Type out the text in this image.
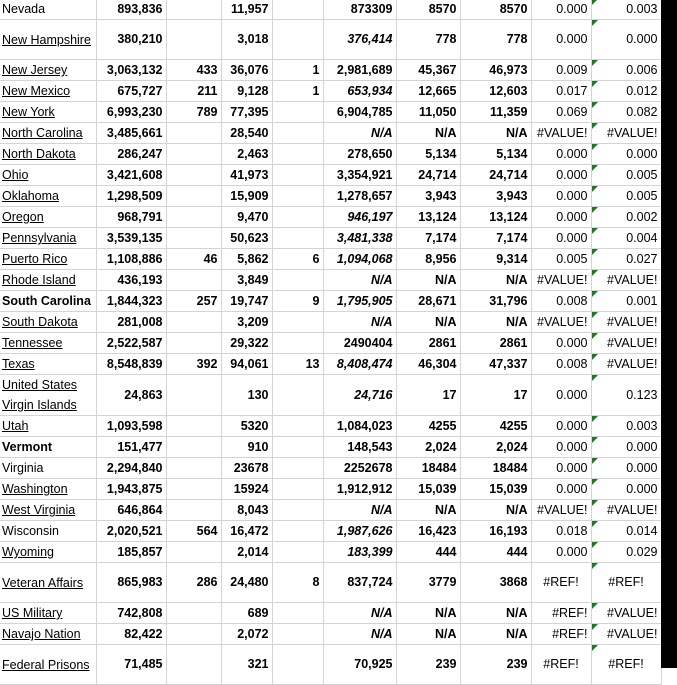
Nevada	893,836		11,957		873309	8570	8570	0.000	0.003
New Hampshire	380,210		3,018		376,414	778	778	0.000	0.000
New Jersey	3,063,132	433	36,076	1	2,981,689	45,367	46,973	0.009	0.006
New Mexico	675,727	211	9,128	1	653,934	12,665	12,603	0.017	0.012
New York	6,993,230	789	77,395		6,904,785	11,050	11,359	0.069	0.082
North Carolina	3,485,661		28,540		N/A	N/A	N/A	#VALUE!	#VALUE!
North Dakota	286,247		2,463		278,650	5,134	5,134	0.000	0.000
Ohio	3,421,608		41,973		3,354,921	24,714	24,714	0.000	0.005
Oklahoma	1,298,509		15,909		1,278,657	3,943	3,943	0.000	0.005
Oregon	968,791		9,470		946,197	13,124	13,124	0.000	0.002
Pennsylvania	3,539,135		50,623		3,481,338	7,174	7,174	0.000	0.004
Puerto Rico	1,108,886	46	5,862	6	1,094,068	8,956	9,314	0.005	0.027
Rhode Island	436,193		3,849		N/A	N/A	N/A	#VALUE!	#VALUE!
South Carolina	1,844,323	257	19,747	9	1,795,905	28,671	31,796	0.008	0.001
South Dakota	281,008		3,209		N/A	N/A	N/A	#VALUE!	#VALUE!
Tennessee	2,522,587		29,322		2490404	2861	2861	0.000	#VALUE!
Texas	8,548,839	392	94,061	13	8,408,474	46,304	47,337	0.008	#VALUE!
United States Virgin Islands	24,863		130		24,716	17	17	0.000	0.123
Utah	1,093,598		5320		1,084,023	4255	4255	0.000	0.003
Vermont	151,477		910		148,543	2,024	2,024	0.000	0.000
Virginia	2,294,840		23678		2252678	18484	18484	0.000	0.000
Washington	1,943,875		15924		1,912,912	15,039	15,039	0.000	0.000
West Virginia	646,864		8,043		N/A	N/A	N/A	#VALUE!	#VALUE!
Wisconsin	2,020,521	564	16,472		1,987,626	16,423	16,193	0.018	0.014
Wyoming	185,857		2,014		183,399	444	444	0.000	0.029
Veteran Affairs	865,983	286	24,480	8	837,724	3779	3868	#REF!	#REF!
US Military	742,808		689		N/A	N/A	N/A	#REF!	#VALUE!
Navajo Nation	82,422		2,072		N/A	N/A	N/A	#REF!	#VALUE!
Federal Prisons	71,485		321		70,925	239	239	#REF!	#REF!
